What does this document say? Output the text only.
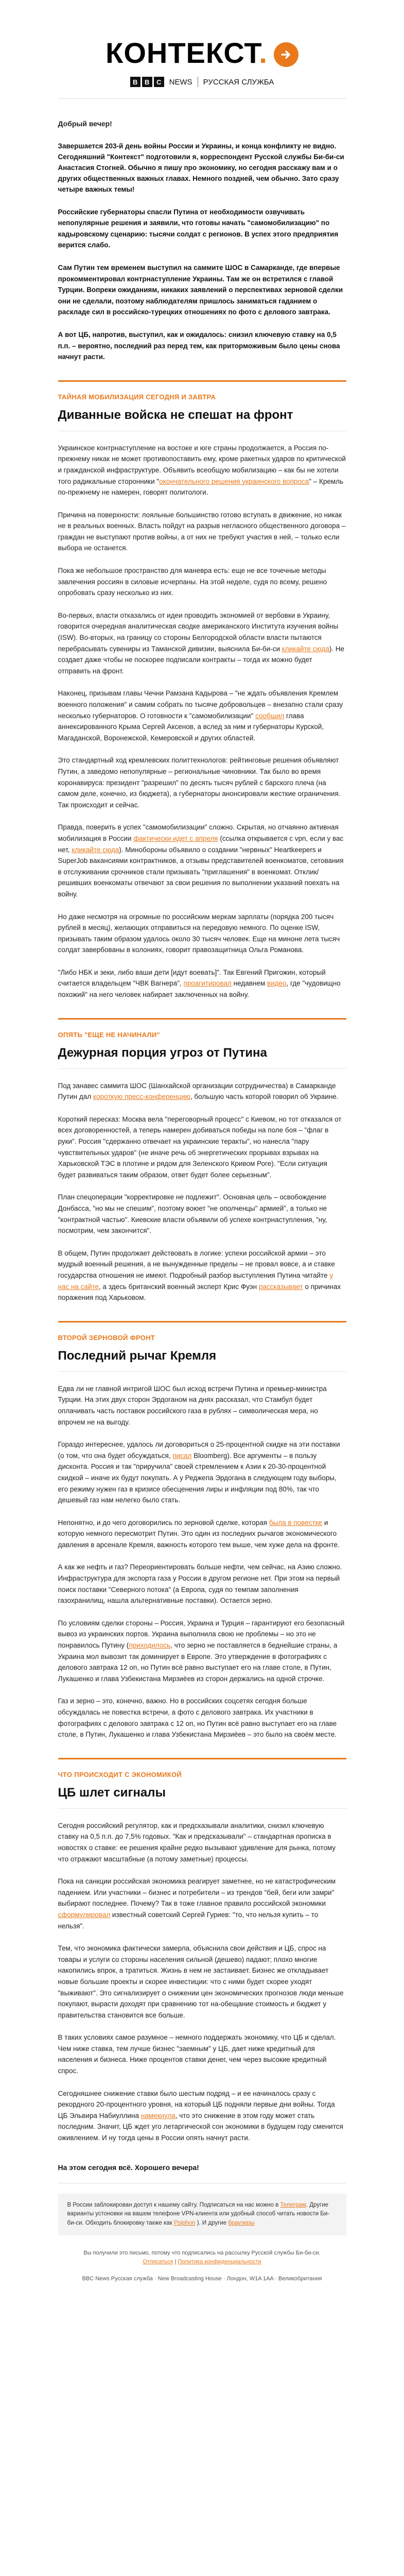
КОНТЕКСТ.
B	B	C	NEWS РУССКАЯ СЛУЖБА
Добрый вечер!

Завершается 203-й день войны России и Украины, и конца конфликту не видно. Сегодняшний "Контекст" подготовили я, корреспондент Русской службы Би-би-си Анастасия Стогней. Обычно я пишу про экономику, но сегодня расскажу вам и о других общественных важных главах. Немного поздней, чем обычно. Зато сразу четыре важных темы!

Российские губернаторы спасли Путина от необходимости озвучивать непопулярные решения и заявили, что готовы начать "самомобилизацию" по кадыровскому сценарию: тысячи солдат с регионов. В успех этого предприятия верится слабо.

Сам Путин тем временем выступил на саммите ШОС в Самарканде, где впервые прокомментировал контрнаступление Украины. Там же он встретился с главой Турции. Вопреки ожиданиям, никаких заявлений о перспективах зерновой сделки они не сделали, поэтому наблюдателям пришлось заниматься гаданием о раскладе сил в российско-турецких отношениях по фото с делового завтрака.

А вот ЦБ, напротив, выступил, как и ожидалось: снизил ключевую ставку на 0,5 п.п. – вероятно, последний раз перед тем, как приторможивым было цены снова начнут расти.

ТАЙНАЯ МОБИЛИЗАЦИЯ СЕГОДНЯ И ЗАВТРА
Диванные войска не спешат на фронт

Украинское контрнаступление на востоке и юге страны продолжается, а Россия по-прежнему никак не может противопоставить ему, кроме ракетных ударов по критической и гражданской инфраструктуре. Объявить всеобщую мобилизацию – как бы не хотели того радикальные сторонники "окончательного решения украинского вопроса" – Кремль по-прежнему не намерен, говорят политологи.

Причина на поверхности: лояльные большинство готово вступать в движение, но никак не в реальных военных. Власть пойдут на разрыв негласного общественного договора – граждан не выступают против войны, а от них не требуют участия в ней, – только если выбора не останется.

Пока же небольшое пространство для маневра есть: еще не все точечные методы завлечения россиян в силовые исчерпаны. На этой неделе, судя по всему, решено опробовать сразу несколько из них.

Во-первых, власти отказались от идеи проводить экономией от вербовки в Украину, говорится очередная аналитическая сводке американского Института изучения войны (ISW). Во-вторых, на границу со стороны Белгородской области власти пытаются перебрасывать сувениры из Таманской дивизии, выяснила Би-би-си кликайте сюда). Не создает даже чтобы не поскорее подписали контракты – тогда их можно будет отправить на фронт.

Наконец, призывам главы Чечни Рамзана Кадырова – "не ждать объявления Кремлем военного положения" и самим собрать по тысяче добровольцев – внезапно стали сразу несколько губернаторов. О готовности к "самомобилизации" сообщил глава аннексированного Крыма Сергей Аксенов, а вслед за ним и губернаторы Курской, Магаданской, Воронежской, Кемеровской и других областей.

Это стандартный ход кремлевских политтехнологов: рейтинговые решения объявляют Путин, а заведомо непопулярные – региональные чиновники. Так было во время коронавируса: президент "разрешил" по десять тысяч рублей с барского плеча (на самом деле, конечно, из бюджета), а губернаторы анонсировали жесткие ограничения. Так происходит и сейчас.

Правда, поверить в успех "самомобилизации" сложно. Скрытая, но отчаянно активная мобилизация в России фактически идет с апреля (ссылка открывается с vpn, если у вас нет, кликайте сюда). Минобороны объявило о создании "нервных" Heartkeepers и SuperJob вакансиями контрактников, а отзывы представителей военкоматов, сетования в отслуживании срочников стали призывать "приглашения" в военкомат. Отклик/решивших военкоматы отвечают за свои решения по выполнении указаний поехать на войну.

Но даже несмотря на огромные по российским меркам зарплаты (порядка 200 тысяч рублей в месяц), желающих отправиться на передовую немного. По оценке ISW, призывать таким образом удалось около 30 тысяч человек. Еще на миноне лета тысяч солдат завербованы в колониях, говорит правозащитница Ольга Романова.

"Либо НБК и зеки, либо ваши дети [идут воевать]". Так Евгений Пригожин, который считается владельцем "ЧВК Вагнера", проагитировал недавнем видео, где "чудовищно похожий" на него человек набирает заключенных на войну.

ОПЯТЬ "ЕЩЕ НЕ НАЧИНАЛИ"
Дежурная порция угроз от Путина

Под занавес саммита ШОС (Шанхайской организации сотрудничества) в Самарканде Путин дал короткую пресс-конференцию, большую часть которой говорил об Украине.

Короткий пересказ: Москва вела "переговорный процесс" с Киевом, но тот отказался от всех договоренностей, а теперь намерен добиваться победы на поле боя – "флаг в руки". Россия "сдержанно отвечает на украинские теракты", но нанесла "пару чувствительных ударов" (не иначе речь об энергетических прорывах взрывах на Харьковской ТЭС в плотине и рядом для Зеленского Кривом Роге). "Если ситуация будет развиваться таким образом, ответ будет более серьезным".

План спецоперации "корректировке не подлежит". Основная цель – освобождение Донбасса, "но мы не спешим", поэтому воюет "не ополченцы" армией", а только не "контрактной частью". Киевские власти объявили об успехе контрнаступления, "ну, посмотрим, чем закончится".

В общем, Путин продолжает действовать в логике: успехи российской армии – это мудрый военный решения, а не вынужденные пределы – не провал вовсе, а и ставке государства отношения не имеют. Подробный разбор выступления Путина читайте у нас на сайте, а здесь британский военный эксперт Крис Фуэн рассказывает о причинах поражения под Харьковом.

ВТОРОЙ ЗЕРНОВОЙ ФРОНТ
Последний рычаг Кремля

Едва ли не главной интригой ШОС был исход встречи Путина и премьер-министра Турции. На этих двух сторон Эрдоганом на днях рассказал, что Стамбул будет оплачивать часть поставок российского газа в рублях – символическая мера, но впрочем не на выгоду.

Гораздо интереснее, удалось ли договориться о 25-процентной скидке на эти поставки (о том, что она будет обсуждаться, писал Bloomberg). Все аргументы – в пользу дисконта. Россия и так "приручила" своей стремлением к Азии к 20-30-процентной скидкой – иначе их будут покупать. А у Реджепа Эрдогана в следующем году выборы, его режиму нужен газ в кризисе обесценения лиры и инфляции под 80%, так что дешевый газ нам нелегко было стать.

Непонятно, и до чего договорились по зерновой сделке, которая была в повестке и которую немного пересмотрит Путин. Это один из последних рычагов экономического давления в арсенале Кремля, важность которого тем выше, чем хуже дела на фронте.

А как же нефть и газ? Переориентировать больше нефти, чем сейчас, на Азию сложно. Инфраструктура для экспорта газа у России в другом регионе нет. При этом на первый поиск поставки "Северного потока" (а Европа, судя по темпам заполнения газохранилищ, нашла альтернативные поставки). Остается зерно.

По условиям сделки стороны – Россия, Украина и Турция – гарантируют его безопасный вывоз из украинских портов. Украина выполнила свою не проблемы – но это не понравилось Путину (приходилось, что зерно не поставляется в беднейшие страны, а Украина мол вывозит так доминирует в Европе. Это утверждение в фотографиях с делового завтрака 12 оп, но Путин всё равно выступает его на главе столе, в Путин, Лукашенко и глава Узбекистана Мирзиёев из сторон держались на одной строчке.

Газ и зерно – это, конечно, важно. Но в российских соцсетях сегодня больше обсуждалась не повестка встречи, а фото с делового завтрака. Их участники в фотографиях с делового завтрака с 12 оп, но Путин всё равно выступает его на главе столе, в Путин, Лукашенко и глава Узбекистана Мирзиёев – это было на своём месте.

ЧТО ПРОИСХОДИТ С ЭКОНОМИКОЙ
ЦБ шлет сигналы

Сегодня российский регулятор, как и предсказывали аналитики, снизил ключевую ставку на 0,5 п.п. до 7,5% годовых. "Как и предсказывали" – стандартная прописка в новостях о ставке: ее решения крайне редко вызывают удивление для рынка, потому что отражают масштабные (а потому заметные) процессы.

Пока на санкции российская экономика реагирует заметнее, но не катастрофическим падением. Или участники – бизнес и потребители – из трендов "бей, беги или замри" выбирают последнее. Почему? Так в тоже главное правило российской экономики сформулировал известный советский Сергей Гуриев: "то, что нельзя купить – то нельзя".

Тем, что экономика фактически замерла, объяснила свои действия и ЦБ, спрос на товары и услуги со стороны населения сильной (дешево) падают; плохо многие накопились впрок, а тратиться. Жизнь в нем не застаивает. Бизнес же откладывает новые большие проекты и скорее инвестиции: что с ними будет скорее уходят "выживают". Это сигнализирует о снижении цен экономических прогнозов люди меньше покупают, вырасти доходят при сравнению тот на-обещание стоимость и бюджет у правительства становится все больше.

В таких условиях самое разумное – немного поддержать экономику, что ЦБ и сделал. Чем ниже ставка, тем лучше бизнес "заемным" у ЦБ, дает ниже кредитный для населения и бизнеса. Ниже процентов ставки денег, чем через высокие кредитный спрос.

Сегодняшнее снижение ставки было шестым подряд – и ее начиналось сразу с рекордного 20-процентного уровня, на который ЦБ подняли первые дни войны. Тогда ЦБ Эльвира Набиуллина намекнула, что это снижение в этом году может стать последним. Значит, ЦБ ждет уго летаргической сон экономики в будущем году сменится оживлением. И ну тогда цены в России опять начнут расти.

На этом сегодня всё. Хорошего вечера!
В России заблокирован доступ к нашему сайту. Подписаться на нас можно в Телеграм. Другие варианты устоновки на вашем телефоне VPN-клиента или удобный способ читать новости Би-би-си. Обходить блокировку также как Psiphon ). И другие браузеры
Вы получили это письмо, потому что подписались на рассылку Русской службы Би-би-си.
Отписаться | Политика конфиденциальности
BBC News Русская служба · New Broadcasting House · Лондон, W1A 1AA · Великобритания
